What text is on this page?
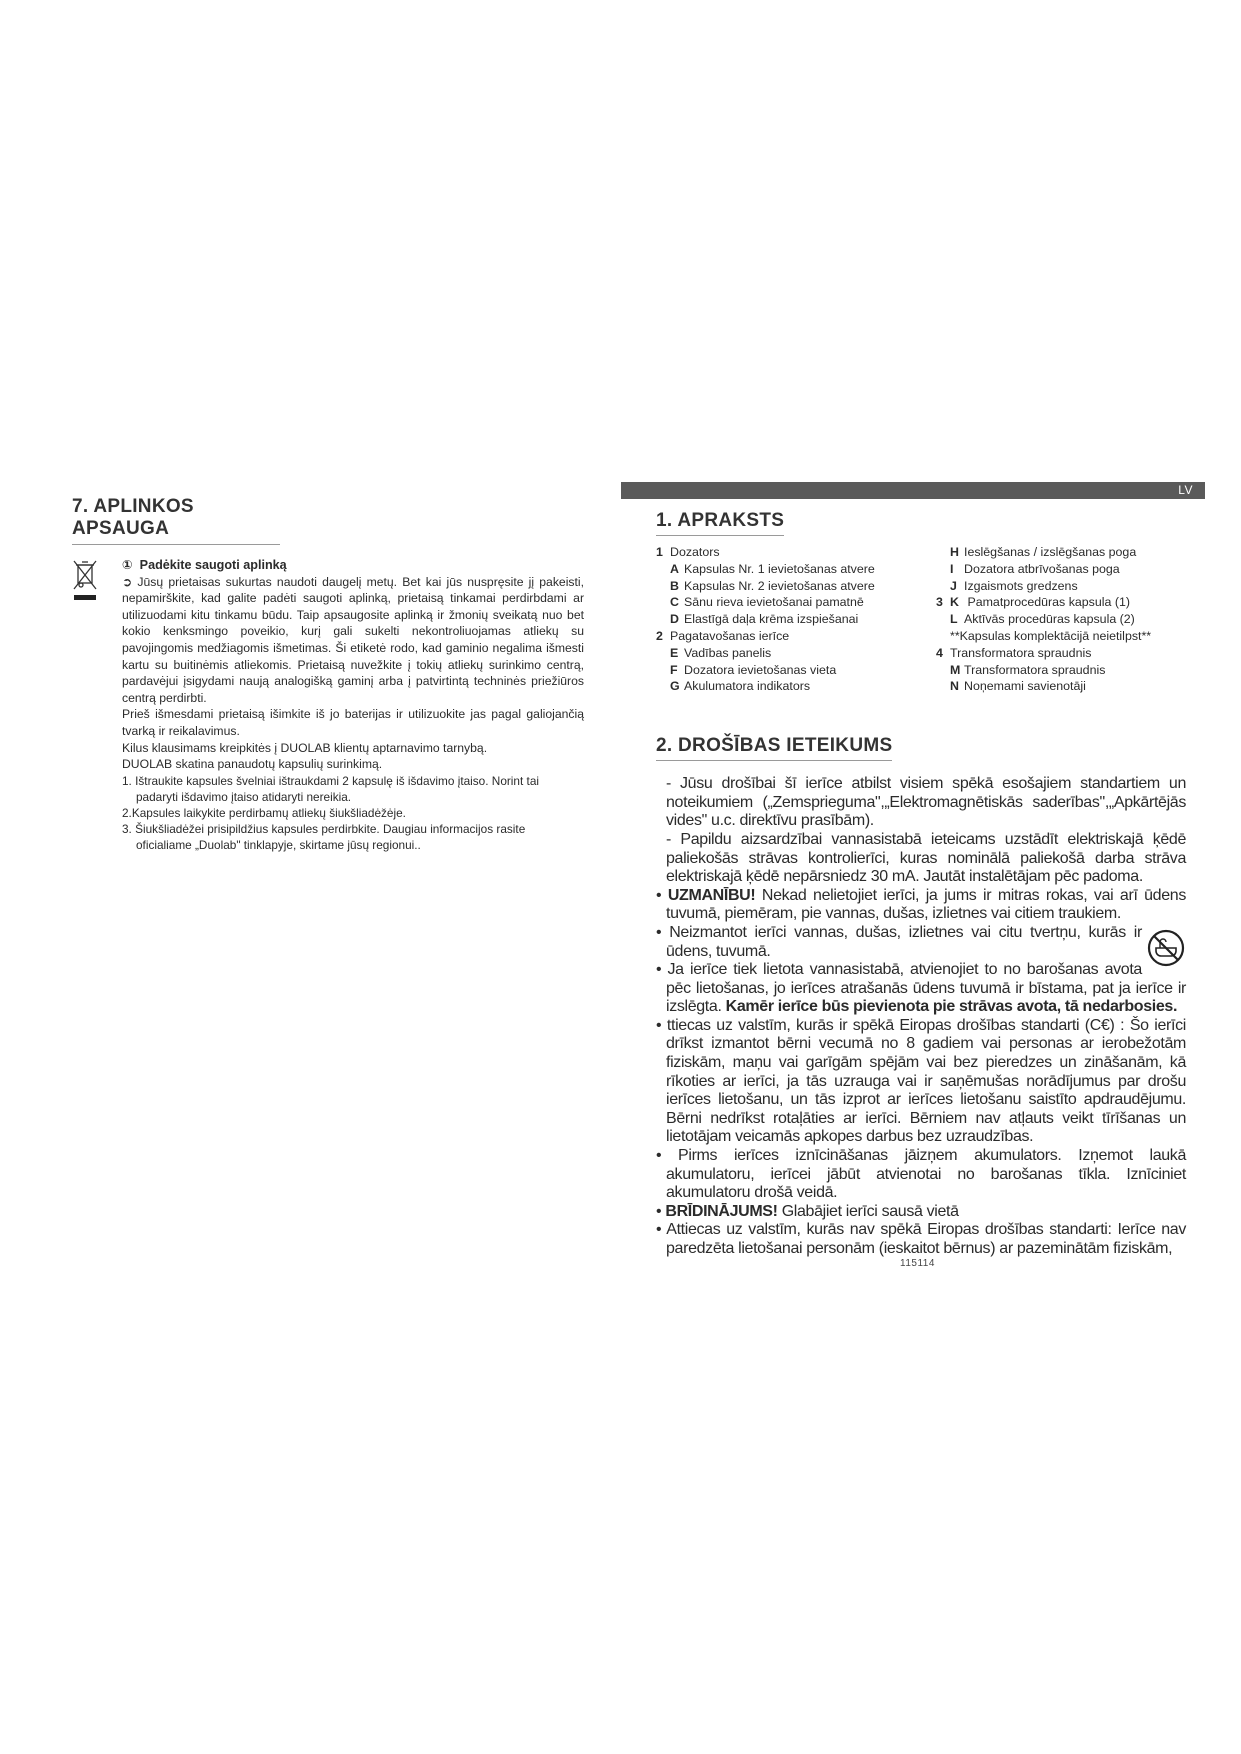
7. APLINKOS APSAUGA
① Padėkite saugoti aplinką
➲ Jūsų prietaisas sukurtas naudoti daugelį metų. Bet kai jūs nuspręsite jį pakeisti, nepamirškite, kad galite padėti saugoti aplinką, prietaisą tinkamai perdirbdami ar utilizuodami kitu tinkamu būdu. Taip apsaugosite aplinką ir žmonių sveikatą nuo bet kokio kenksmingo poveikio, kurį gali sukelti nekontroliuojamas atliekų su pavojingomis medžiagomis išmetimas. Ši etiketė rodo, kad gaminio negalima išmesti kartu su buitinėmis atliekomis. Prietaisą nuvežkite į tokių atliekų surinkimo centrą, pardavėjui įsigydami naują analogišką gaminį arba į patvirtintą techninės priežiūros centrą perdirbti.
Prieš išmesdami prietaisą išimkite iš jo baterijas ir utilizuokite jas pagal galiojančią tvarką ir reikalavimus.
Kilus klausimams kreipkitės į DUOLAB klientų aptarnavimo tarnybą.
DUOLAB skatina panaudotų kapsulių surinkimą.
1. Ištraukite kapsules švelniai ištraukdami 2 kapsulę iš išdavimo įtaiso. Norint tai padaryti išdavimo įtaiso atidaryti nereikia.
2.Kapsules laikykite perdirbamų atliekų šiukšliadėžėje.
3. Šiukšliadėžei prisipildžius kapsules perdirbkite. Daugiau informacijos rasite oficialiame „Duolab" tinklapyje, skirtame jūsų regionui..
LV
1. APRAKSTS
1 Dozators
A Kapsulas Nr. 1 ievietošanas atvere
B Kapsulas Nr. 2 ievietošanas atvere
C Sānu rieva ievietošanai pamatnē
D Elastīgā daļa krēma izspiešanai
2 Pagatavošanas ierīce
E Vadības panelis
F Dozatora ievietošanas vieta
G Akulumatora indikators
H Ieslēgšanas / izslēgšanas poga
I Dozatora atbrīvošanas poga
J Izgaismots gredzens
3 K Pamatprocedūras kapsula (1)
L Aktīvās procedūras kapsula (2)
**Kapsulas komplektācijā neietilpst**
4 Transformatora spraudnis
M Transformatora spraudnis
N Noņemami savienotāji
2. DROŠĪBAS IETEIKUMS

- Jūsu drošībai šī ierīce atbilst visiem spēkā esošajiem standartiem un noteikumiem („Zemsprieguma",„Elektromagnētiskās saderības",„Apkārtējās vides" u.c. direktīvu prasībām).

- Papildu aizsardzībai vannasistabā ieteicams uzstādīt elektriskajā ķēdē paliekošās strāvas kontrolierīci, kuras nominālā paliekošā darba strāva elektriskajā ķēdē nepārsniedz 30 mA. Jautāt instalētājam pēc padoma.

• UZMANĪBU! Nekad nelietojiet ierīci, ja jums ir mitras rokas, vai arī ūdens tuvumā, piemēram, pie vannas, dušas, izlietnes vai citiem traukiem.

• Neizmantot ierīci vannas, dušas, izlietnes vai citu tvertņu, kurās ir ūdens, tuvumā.

• Ja ierīce tiek lietota vannasistabā, atvienojiet to no barošanas avota pēc lietošanas, jo ierīces atrašanās ūdens tuvumā ir bīstama, pat ja ierīce ir izslēgta. Kamēr ierīce būs pievienota pie strāvas avota, tā nedarbosies.

• ttiecas uz valstīm, kurās ir spēkā Eiropas drošības standarti (C€) : Šo ierīci drīkst izmantot bērni vecumā no 8 gadiem vai personas ar ierobežotām fiziskām, maņu vai garīgām spējām vai bez pieredzes un zināšanām, kā rīkoties ar ierīci, ja tās uzrauga vai ir saņēmušas norādījumus par drošu ierīces lietošanu, un tās izprot ar ierīces lietošanu saistīto apdraudējumu. Bērni nedrīkst rotaļāties ar ierīci. Bērniem nav atļauts veikt tīrīšanas un lietotājam veicamās apkopes darbus bez uzraudzības.

• Pirms ierīces iznīcināšanas jāizņem akumulators. Izņemot laukā akumulatoru, ierīcei jābūt atvienotai no barošanas tīkla. Iznīciniet akumulatoru drošā veidā.

• BRĪDINĀJUMS! Glabājiet ierīci sausā vietā

• Attiecas uz valstīm, kurās nav spēkā Eiropas drošības standarti: Ierīce nav paredzēta lietošanai personām (ieskaitot bērnus) ar pazeminātām fiziskām,

115114
